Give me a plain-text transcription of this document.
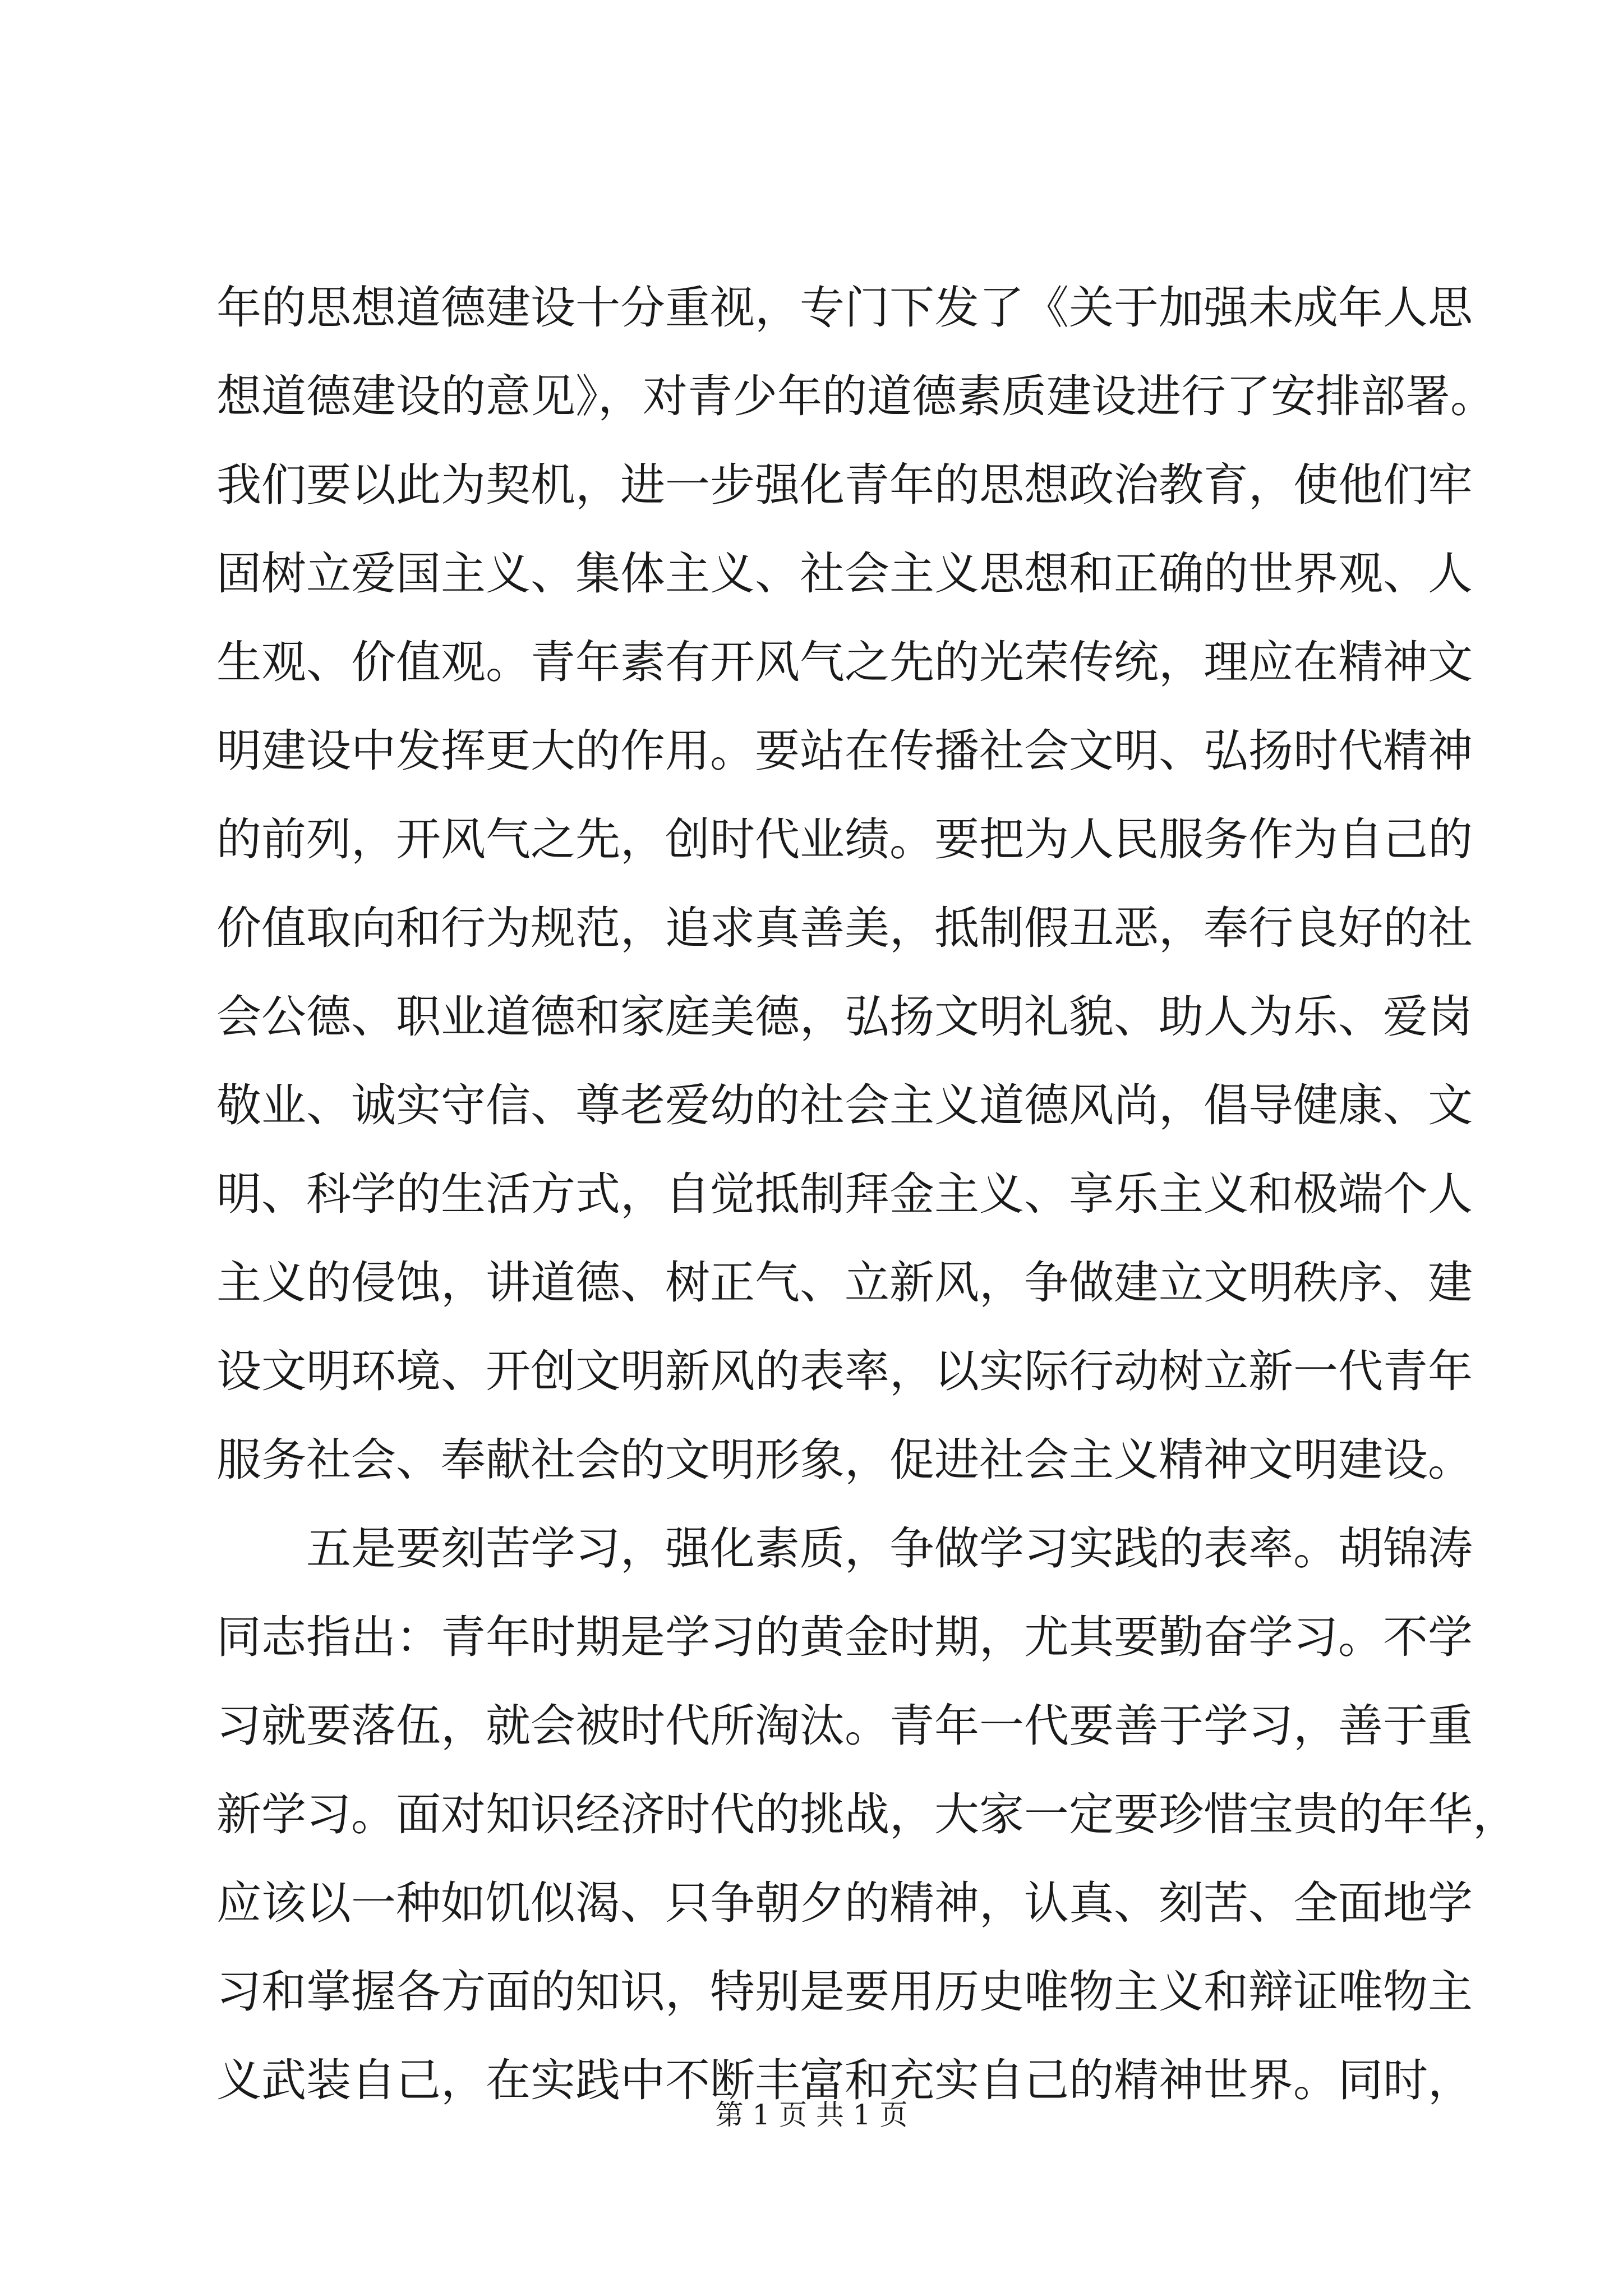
年的思想道德建设十分重视，专门下发了《关于加强未成年人思
想道德建设的意见》，对青少年的道德素质建设进行了安排部署。
我们要以此为契机，进一步强化青年的思想政治教育，使他们牢
固树立爱国主义、集体主义、社会主义思想和正确的世界观、人
生观、价值观。青年素有开风气之先的光荣传统，理应在精神文
明建设中发挥更大的作用。要站在传播社会文明、弘扬时代精神
的前列，开风气之先，创时代业绩。要把为人民服务作为自己的
价值取向和行为规范，追求真善美，抵制假丑恶，奉行良好的社
会公德、职业道德和家庭美德，弘扬文明礼貌、助人为乐、爱岗
敬业、诚实守信、尊老爱幼的社会主义道德风尚，倡导健康、文
明、科学的生活方式，自觉抵制拜金主义、享乐主义和极端个人
主义的侵蚀，讲道德、树正气、立新风，争做建立文明秩序、建
设文明环境、开创文明新风的表率，以实际行动树立新一代青年
服务社会、奉献社会的文明形象，促进社会主义精神文明建设。
五是要刻苦学习，强化素质，争做学习实践的表率。胡锦涛
同志指出：青年时期是学习的黄金时期，尤其要勤奋学习。不学
习就要落伍，就会被时代所淘汰。青年一代要善于学习，善于重
新学习。面对知识经济时代的挑战，大家一定要珍惜宝贵的年华，
应该以一种如饥似渴、只争朝夕的精神，认真、刻苦、全面地学
习和掌握各方面的知识，特别是要用历史唯物主义和辩证唯物主
义武装自己，在实践中不断丰富和充实自己的精神世界。同时，
第 1 页 共 1 页
